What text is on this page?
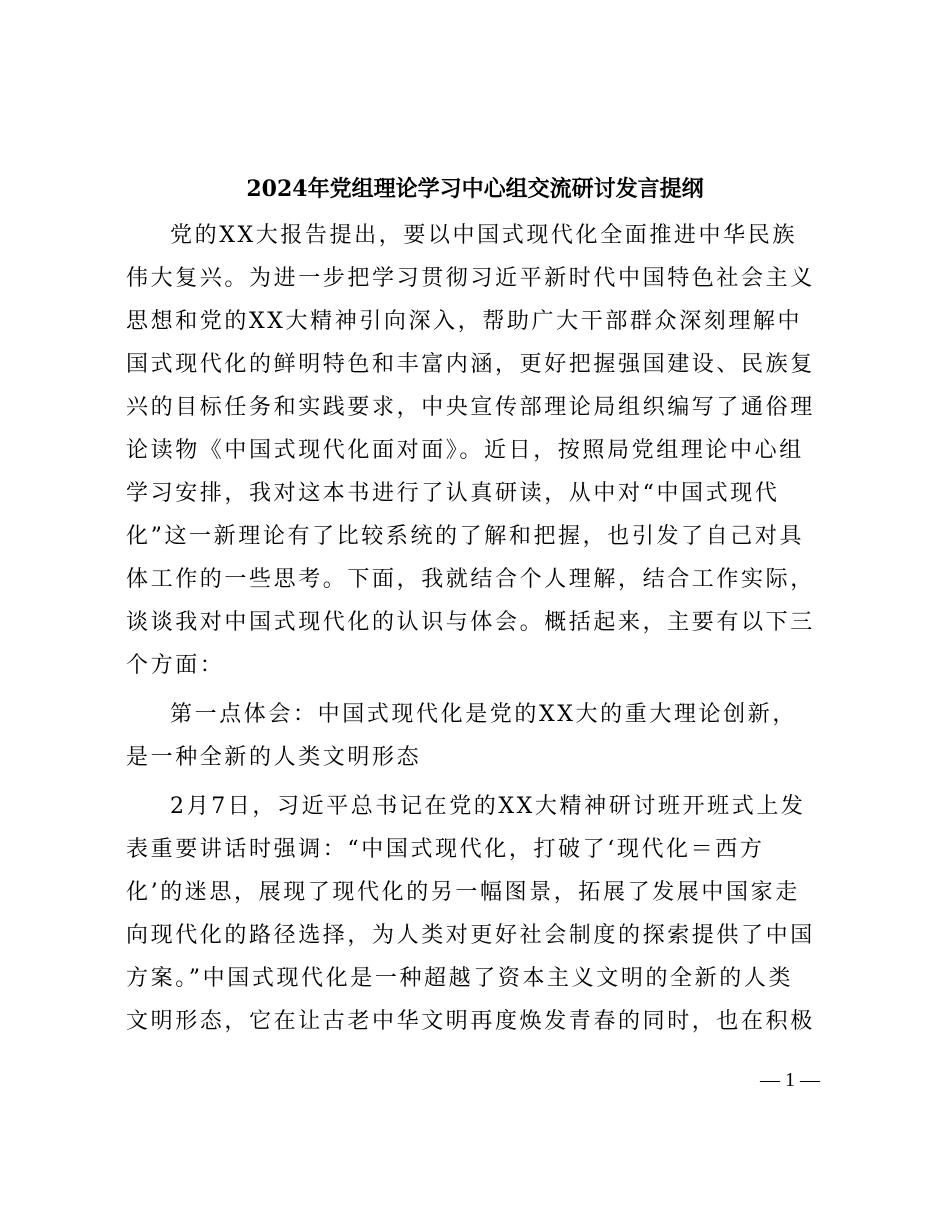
2024年党组理论学习中心组交流研讨发言提纲
党的XX大报告提出，要以中国式现代化全面推进中华民族
伟大复兴。为进一步把学习贯彻习近平新时代中国特色社会主义
思想和党的XX大精神引向深入，帮助广大干部群众深刻理解中
国式现代化的鲜明特色和丰富内涵，更好把握强国建设、民族复
兴的目标任务和实践要求，中央宣传部理论局组织编写了通俗理
论读物《中国式现代化面对面》。近日，按照局党组理论中心组
学习安排，我对这本书进行了认真研读，从中对“中国式现代
化”这一新理论有了比较系统的了解和把握，也引发了自己对具
体工作的一些思考。下面，我就结合个人理解，结合工作实际，
谈谈我对中国式现代化的认识与体会。概括起来，主要有以下三
个方面：
第一点体会：中国式现代化是党的XX大的重大理论创新，
是一种全新的人类文明形态
2月7日，习近平总书记在党的XX大精神研讨班开班式上发
表重要讲话时强调：“中国式现代化，打破了‘现代化＝西方
化’的迷思，展现了现代化的另一幅图景，拓展了发展中国家走
向现代化的路径选择，为人类对更好社会制度的探索提供了中国
方案。”中国式现代化是一种超越了资本主义文明的全新的人类
文明形态，它在让古老中华文明再度焕发青春的同时，也在积极
— 1 —
